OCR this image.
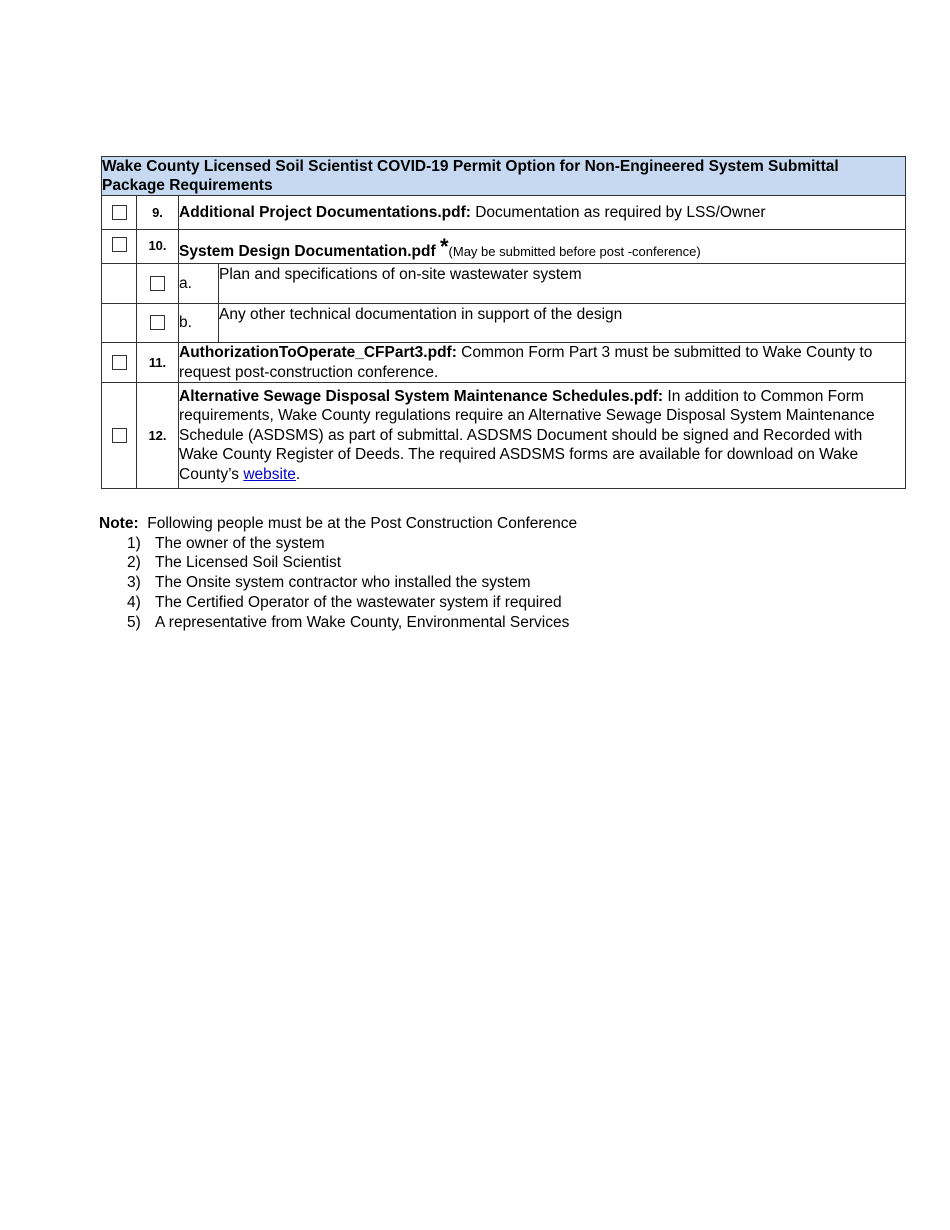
Wake County Licensed Soil Scientist COVID-19 Permit Option for Non-Engineered System Submittal Package Requirements			
	9.	Additional Project Documentations.pdf: Documentation as required by LSS/Owner	
	10.	System Design Documentation.pdf *(May be submitted before post -conference)	
		a.	Plan and specifications of on-site wastewater system
		b.	Any other technical documentation in support of the design
	11.	AuthorizationToOperate_CFPart3.pdf: Common Form Part 3 must be submitted to Wake County to request post-construction conference.	
	12.	Alternative Sewage Disposal System Maintenance Schedules.pdf: In addition to Common Form requirements, Wake County regulations require an Alternative Sewage Disposal System Maintenance Schedule (ASDSMS) as part of submittal. ASDSMS Document should be signed and Recorded with Wake County Register of Deeds. The required ASDSMS forms are available for download on Wake County’s website.	
Note: Following people must be at the Post Construction Conference
1) The owner of the system
2) The Licensed Soil Scientist
3) The Onsite system contractor who installed the system
4) The Certified Operator of the wastewater system if required
5) A representative from Wake County, Environmental Services
